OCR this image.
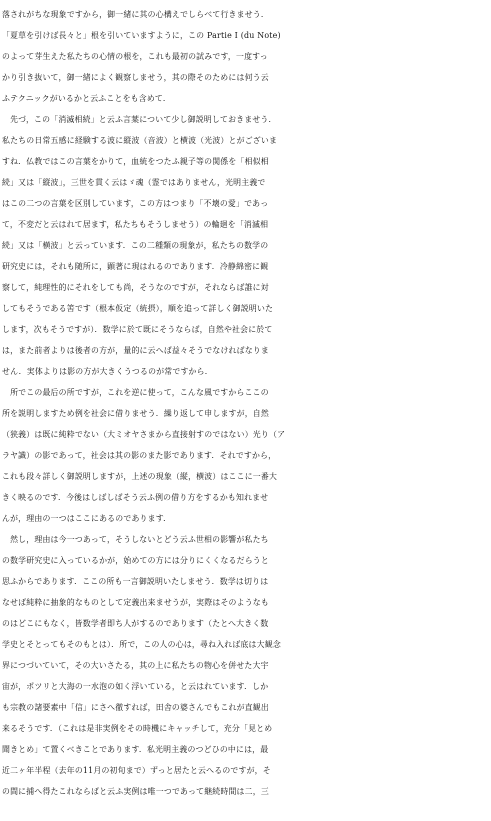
落されがちな現象ですから，御一緒に其の心構えでしらべて行きませう．
「夏草を引けば長々と」根を引いていますように，この Partie I (du Note)
のよって芽生えた私たちの心情の根を，これも最初の試みです，一度すっ
かり引き抜いて，御一緒によく観察しませう，其の際そのためには何う云
ふテクニックがいるかと云ふことをも含めて．
　先づ，この「消滅相続」と云ふ言葉について少し御説明しておきませう．
私たちの日常五感に経験する波に縦波（音波）と横波（光波）とがございま
すね．仏教ではこの言葉をかりて，血統をつたふ親子等の関係を「相似相
続」又は「縦波」，三世を貫く云はゞ魂（霊ではありません，光明主義で
はこの二つの言葉を区別しています，この方はつまり「不壊の愛」であっ
て，不変だと云はれて居ます，私たちもそうしませう）の輪廻を「消滅相
続」又は「横波」と云っています．この二種類の現象が，私たちの数学の
研究史には，それも随所に，顕著に現はれるのであります．冷静綿密に観
察して，純理性的にそれをしても尚，そうなのですが，それならば誰に対
してもそうである筈です（根本仮定（統摂），順を追って詳しく御説明いた
します，次もそうですが）．数学に於て既にそうならば，自然や社会に於て
は，また前者よりは後者の方が，量的に云へば益々そうでなければなりま
せん．実体よりは影の方が大きくうつるのが常ですから．
　所でこの最后の所ですが，これを逆に使って，こんな風ですからここの
所を説明しますため例を社会に借りませう．繰り返して申しますが，自然
（狭義）は既に純粋でない（大ミオヤさまから直接射すのではない）光り（ア
ラヤ識）の影であって，社会は其の影のまた影であります．それですから，
これも段々詳しく御説明しますが，上述の現象（縦，横波）はここに一番大
きく映るのです．今後はしばしばそう云ふ例の借り方をするかも知れませ
んが，理由の一つはここにあるのであります．
　然し，理由は今一つあって，そうしないとどう云ふ世相の影響が私たち
の数学研究史に入っているかが，始めての方には分りにくくなるだらうと
思ふからであります．ここの所も一言御説明いたしませう．数学は切りは
なせば純粋に抽象的なものとして定義出来ませうが，実際はそのようなも
のはどこにもなく，皆数学者即ち人がするのであります（たとへ大きく数
学史とそとってもそのもとは）．所で，この人の心は，尋ね入れば底は大観念
界につづいていて，その大いさたる，其の上に私たちの物心を併せた大宇
宙が，ポツリと大海の一水泡の如く浮いている，と云はれています．しか
も宗教の諸要素中「信」にさへ徹すれば，田舎の婆さんでもこれが直観出
来るそうです．（これは是非実例をその時機にキャッチして，充分「見とめ
聞きとめ」て置くべきことであります．私光明主義のつどひの中には，最
近二ヶ年半程（去年の11月の初旬まで）ずっと居たと云へるのですが，そ
の間に捕へ得たこれならばと云ふ実例は唯一つであって継続時間は二，三
